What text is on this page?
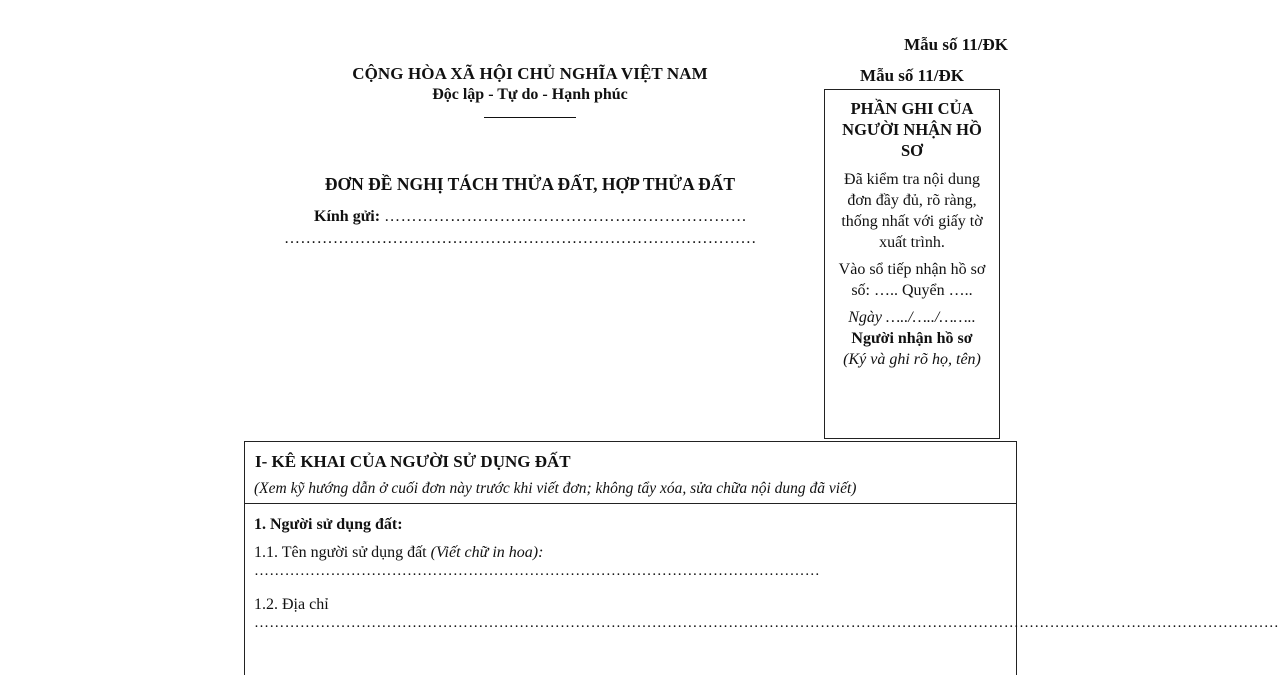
Mẫu số 11/ĐK
CỘNG HÒA XÃ HỘI CHỦ NGHĨA VIỆT NAM
Độc lập - Tự do - Hạnh phúc
ĐƠN ĐỀ NGHỊ TÁCH THỬA ĐẤT, HỢP THỬA ĐẤT
Kính gửi: …………………………………………………………
……………………………………………………………………………
Mẫu số 11/ĐK
PHẦN GHI CỦA NGƯỜI NHẬN HỒ SƠ

Đã kiểm tra nội dung đơn đầy đủ, rõ ràng, thống nhất với giấy tờ xuất trình.

Vào sổ tiếp nhận hồ sơ số: ….. Quyển …..

Ngày …../…../……..

Người nhận hồ sơ

(Ký và ghi rõ họ, tên)

I- KÊ KHAI CỦA NGƯỜI SỬ DỤNG ĐẤT
(Xem kỹ hướng dẫn ở cuối đơn này trước khi viết đơn; không tẩy xóa, sửa chữa nội dung đã viết)
1. Người sử dụng đất:
1.1. Tên người sử dụng đất (Viết chữ in hoa):
…………………………………………………………………………………………………
1.2. Địa chỉ
…………………………………………………………………………………………………………………………………………………………………………………
